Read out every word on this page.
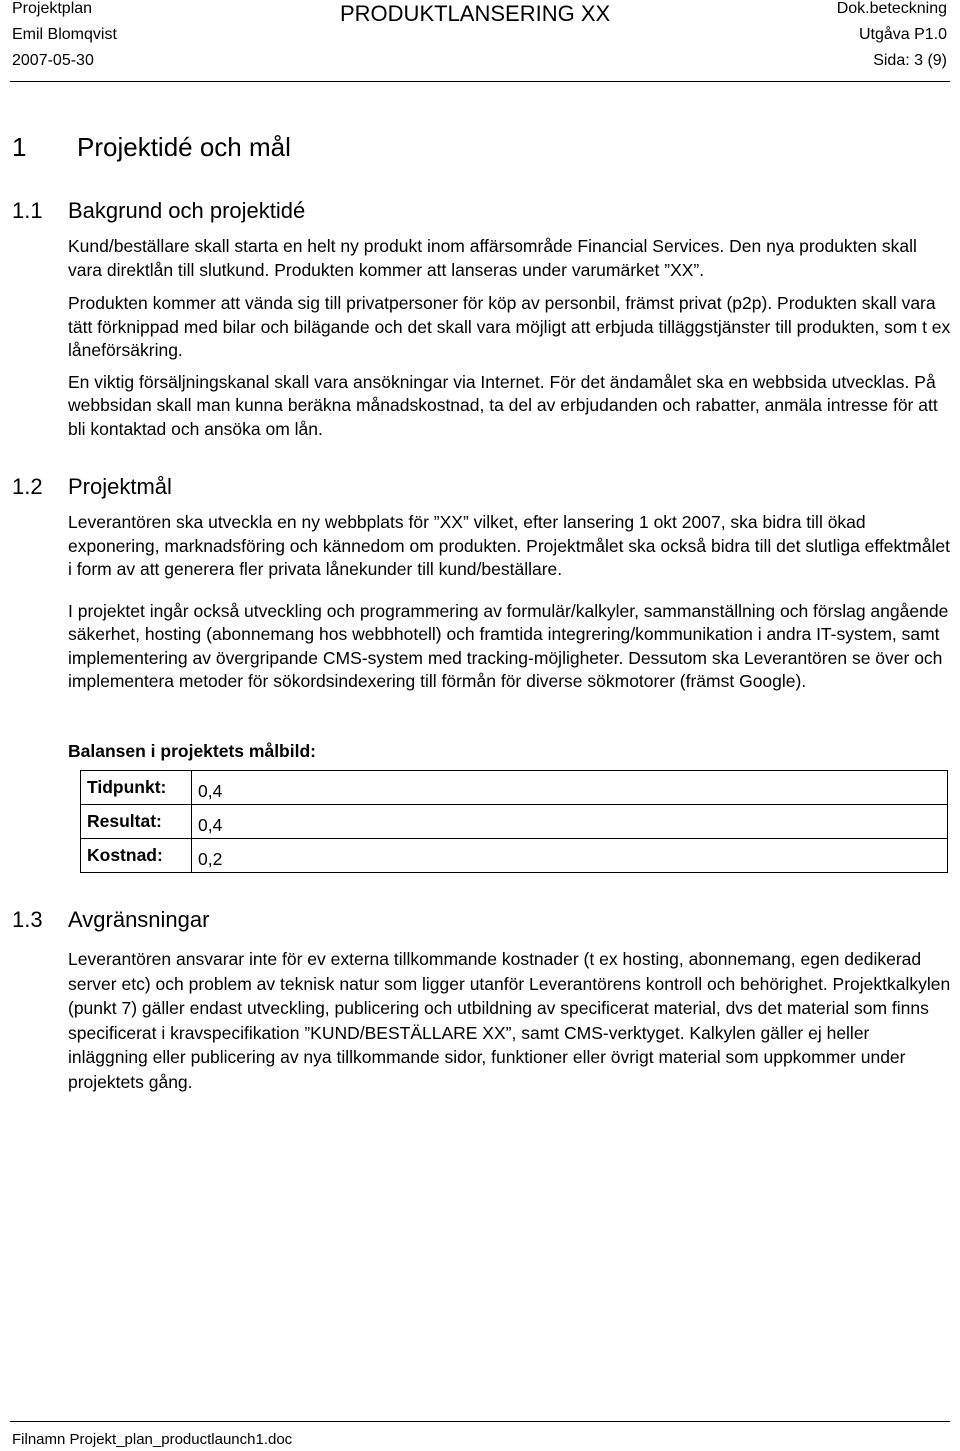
Projektplan	PRODUKTLANSERING XX	Dok.beteckning
Emil Blomqvist	Utgåva P1.0
2007-05-30	Sida: 3 (9)
1 Projektidé och mål
1.1 Bakgrund och projektidé

Kund/beställare skall starta en helt ny produkt inom affärsområde Financial Services. Den nya produkten skall vara direktlån till slutkund. Produkten kommer att lanseras under varumärket ”XX”.

Produkten kommer att vända sig till privatpersoner för köp av personbil, främst privat (p2p). Produkten skall vara tätt förknippad med bilar och bilägande och det skall vara möjligt att erbjuda tilläggstjänster till produkten, som t ex låneförsäkring.

En viktig försäljningskanal skall vara ansökningar via Internet. För det ändamålet ska en webbsida utvecklas. På webbsidan skall man kunna beräkna månadskostnad, ta del av erbjudanden och rabatter, anmäla intresse för att bli kontaktad och ansöka om lån.

1.2 Projektmål

Leverantören ska utveckla en ny webbplats för ”XX” vilket, efter lansering 1 okt 2007, ska bidra till ökad exponering, marknadsföring och kännedom om produkten. Projektmålet ska också bidra till det slutliga effektmålet i form av att generera fler privata lånekunder till kund/beställare.

I projektet ingår också utveckling och programmering av formulär/kalkyler, sammanställning och förslag angående säkerhet, hosting (abonnemang hos webbhotell) och framtida integrering/kommunikation i andra IT-system, samt implementering av övergripande CMS-system med tracking-möjligheter. Dessutom ska Leverantören se över och implementera metoder för sökordsindexering till förmån för diverse sökmotorer (främst Google).

Balansen i projektets målbild:
Tidpunkt:	0,4
Resultat:	0,4
Kostnad:	0,2
1.3 Avgränsningar

Leverantören ansvarar inte för ev externa tillkommande kostnader (t ex hosting, abonnemang, egen dedikerad server etc) och problem av teknisk natur som ligger utanför Leverantörens kontroll och behörighet. Projektkalkylen (punkt 7) gäller endast utveckling, publicering och utbildning av specificerat material, dvs det material som finns specificerat i kravspecifikation ”KUND/BESTÄLLARE XX”, samt CMS-verktyget. Kalkylen gäller ej heller inläggning eller publicering av nya tillkommande sidor, funktioner eller övrigt material som uppkommer under projektets gång.

Filnamn Projekt_plan_productlaunch1.doc
